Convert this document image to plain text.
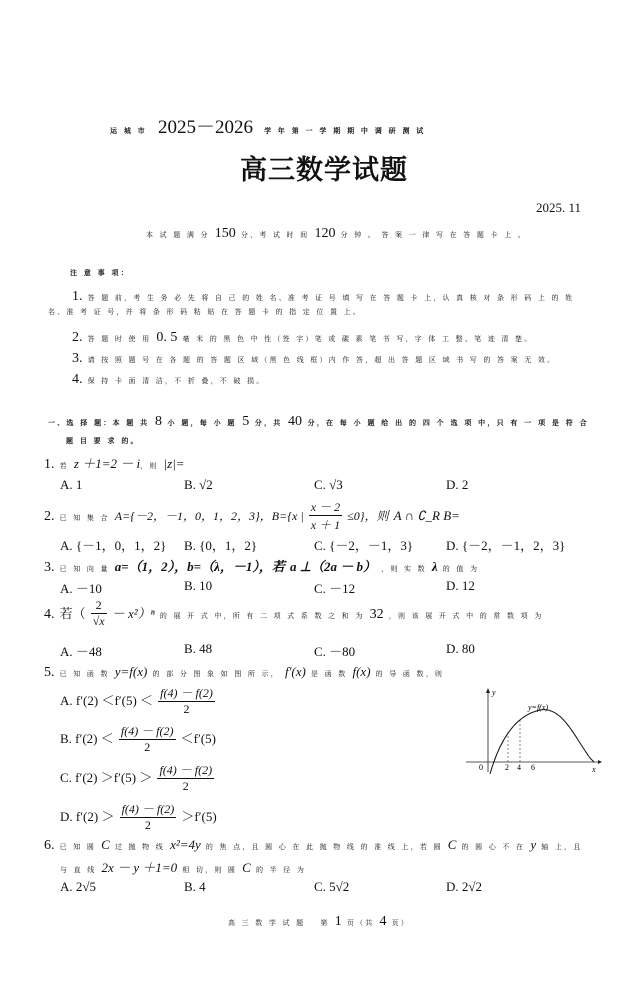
运 城 市 2025－2026 学 年 第 一 学 期 期 中 调 研 测 试
高三数学试题
2025. 11
本 试 题 满 分 150 分，考 试 时 间 120 分 钟 。 答 案 一 律 写 在 答 题 卡 上 。
注 意 事 项：
1. 答 题 前，考 生 务 必 先 将 自 己 的 姓 名、准 考 证 号 填 写 在 答 题 卡 上，认 真 核 对 条 形 码 上 的 姓
名、准 考 证 号，并 将 条 形 码 粘 贴 在 答 题 卡 的 指 定 位 置 上。
2. 答 题 时 使 用 0. 5 毫 米 的 黑 色 中 性（签 字）笔 或 碳 素 笔 书 写，字 体 工 整、笔 迹 清 楚。
3. 请 按 照 题 号 在 各 题 的 答 题 区 域（黑 色 线 框）内 作 答，超 出 答 题 区 域 书 写 的 答 案 无 效。
4. 保 持 卡 面 清 洁，不 折 叠，不 破 损。
一、选 择 题：本 题 共 8 小 题，每 小 题 5 分，共 40 分，在 每 小 题 给 出 的 四 个 选 项 中，只 有 一 项 是 符 合
题 目 要 求 的。
1. 若 z ＋1=2 － i，则 |z|=
A. 1	B. √2	C. √3	D. 2
2. 已 知 集 合 A={－2，－1，0，1，2，3}，B={x | $\frac{x - 2}{x + 1} \le 0$}，则 A ∩ ∁_R B=
A. {－1，0，1，2} B. {0，1，2}	C. {－2，－1，3}	D. {－2，－1，2，3}
3. 已 知 向 量 a=（1，2），b=（λ，－1），若 a ⊥（2a － b） ，则 实 数 λ 的 值 为
A. －10	B. 10	C. －12	D. 12
4. 若（ $\frac{2}{√x} - x^2)^n$ 的 展 开 式 中，所 有 二 项 式 系 数 之 和 为 32 ，则 该 展 开 式 中 的 常 数 项 为
A. －48	B. 48	C. －80	D. 80
5. 已 知 函 数 y=f(x) 的 部 分 图 象 如 图 所 示， f′(x) 是 函 数 f(x) 的 导 函 数，则
A. $f'(2) <f'(5) < \frac{f(4) - f(2)}{2}$
B. $f'(2) < \frac{f(4) - f(2)}{2} <f'(5)$
C. $f'(2) >f'(5) > \frac{f(4) - f(2)}{2}$
D. $f'(2) > \frac{f(4) - f(2)}{2} >f'(5)$
y
y=f(x)
0	2 4 6	x
6. 已 知 圆 C 过 抛 物 线 x²=4y 的 焦 点，且 圆 心 在 此 抛 物 线 的 准 线 上，若 圆 C 的 圆 心 不 在 y 轴 上，且
与 直 线 2x － y ＋1=0 相 切，则 圆 C 的 半 径 为
A. 2√5	B. 4	C. 5√2	D. 2√2
高 三 数 学 试 题 第 1 页（共 4 页）
